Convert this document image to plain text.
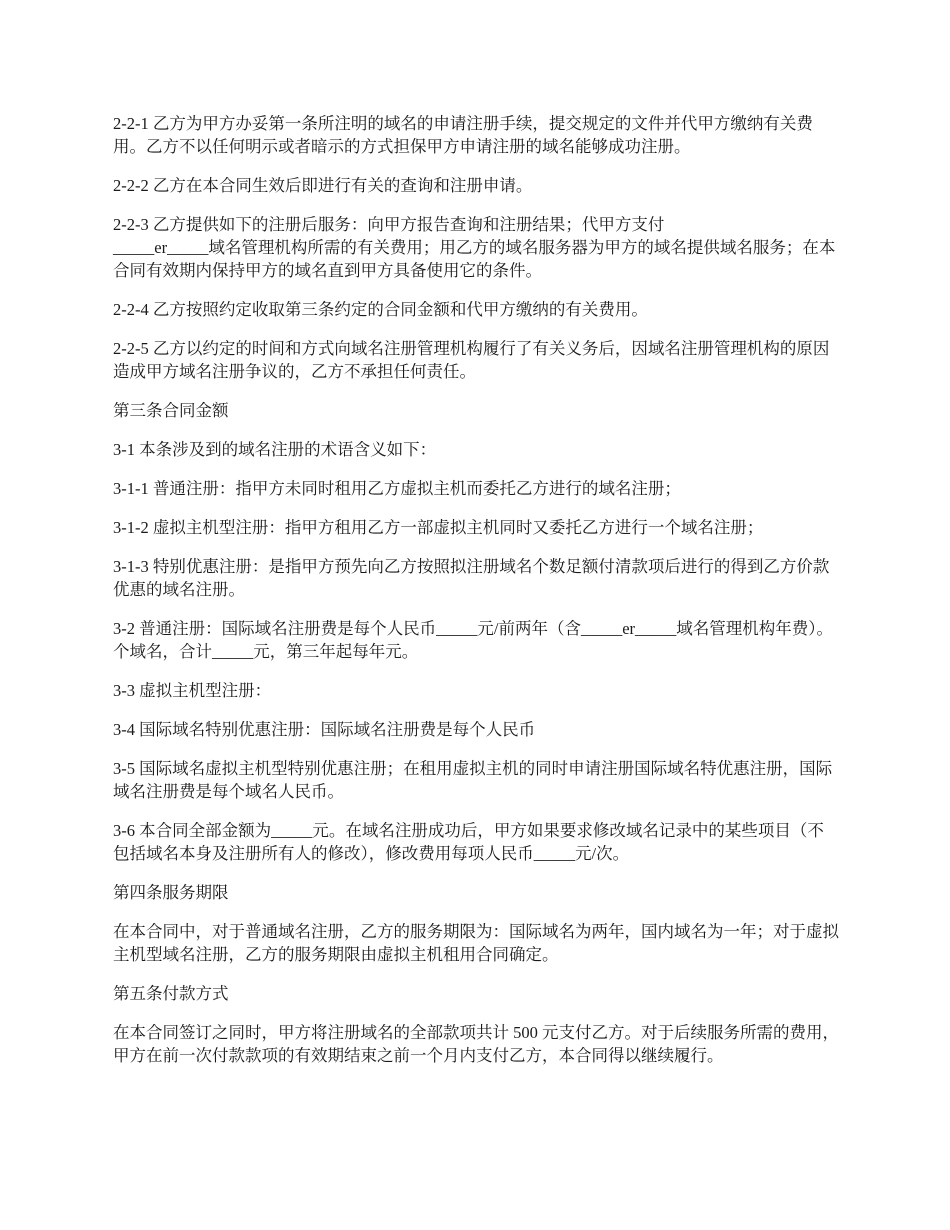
2-2-1 乙方为甲方办妥第一条所注明的域名的申请注册手续，提交规定的文件并代甲方缴纳有关费用。乙方不以任何明示或者暗示的方式担保甲方申请注册的域名能够成功注册。

2-2-2 乙方在本合同生效后即进行有关的查询和注册申请。

2-2-3 乙方提供如下的注册后服务：向甲方报告查询和注册结果；代甲方支付
_____er_____域名管理机构所需的有关费用；用乙方的域名服务器为甲方的域名提供域名服务；在本合同有效期内保持甲方的域名直到甲方具备使用它的条件。

2-2-4 乙方按照约定收取第三条约定的合同金额和代甲方缴纳的有关费用。

2-2-5 乙方以约定的时间和方式向域名注册管理机构履行了有关义务后，因域名注册管理机构的原因造成甲方域名注册争议的，乙方不承担任何责任。

第三条合同金额

3-1 本条涉及到的域名注册的术语含义如下：

3-1-1 普通注册：指甲方未同时租用乙方虚拟主机而委托乙方进行的域名注册；

3-1-2 虚拟主机型注册：指甲方租用乙方一部虚拟主机同时又委托乙方进行一个域名注册；

3-1-3 特别优惠注册：是指甲方预先向乙方按照拟注册域名个数足额付清款项后进行的得到乙方价款优惠的域名注册。

3-2 普通注册：国际域名注册费是每个人民币_____元/前两年（含_____er_____域名管理机构年费）。个域名，合计_____元，第三年起每年元。

3-3 虚拟主机型注册：

3-4 国际域名特别优惠注册：国际域名注册费是每个人民币

3-5 国际域名虚拟主机型特别优惠注册；在租用虚拟主机的同时申请注册国际域名特优惠注册，国际域名注册费是每个域名人民币。

3-6 本合同全部金额为_____元。在域名注册成功后，甲方如果要求修改域名记录中的某些项目（不包括域名本身及注册所有人的修改），修改费用每项人民币_____元/次。

第四条服务期限

在本合同中，对于普通域名注册，乙方的服务期限为：国际域名为两年，国内域名为一年；对于虚拟主机型域名注册，乙方的服务期限由虚拟主机租用合同确定。

第五条付款方式

在本合同签订之同时，甲方将注册域名的全部款项共计 500 元支付乙方。对于后续服务所需的费用，甲方在前一次付款款项的有效期结束之前一个月内支付乙方，本合同得以继续履行。
